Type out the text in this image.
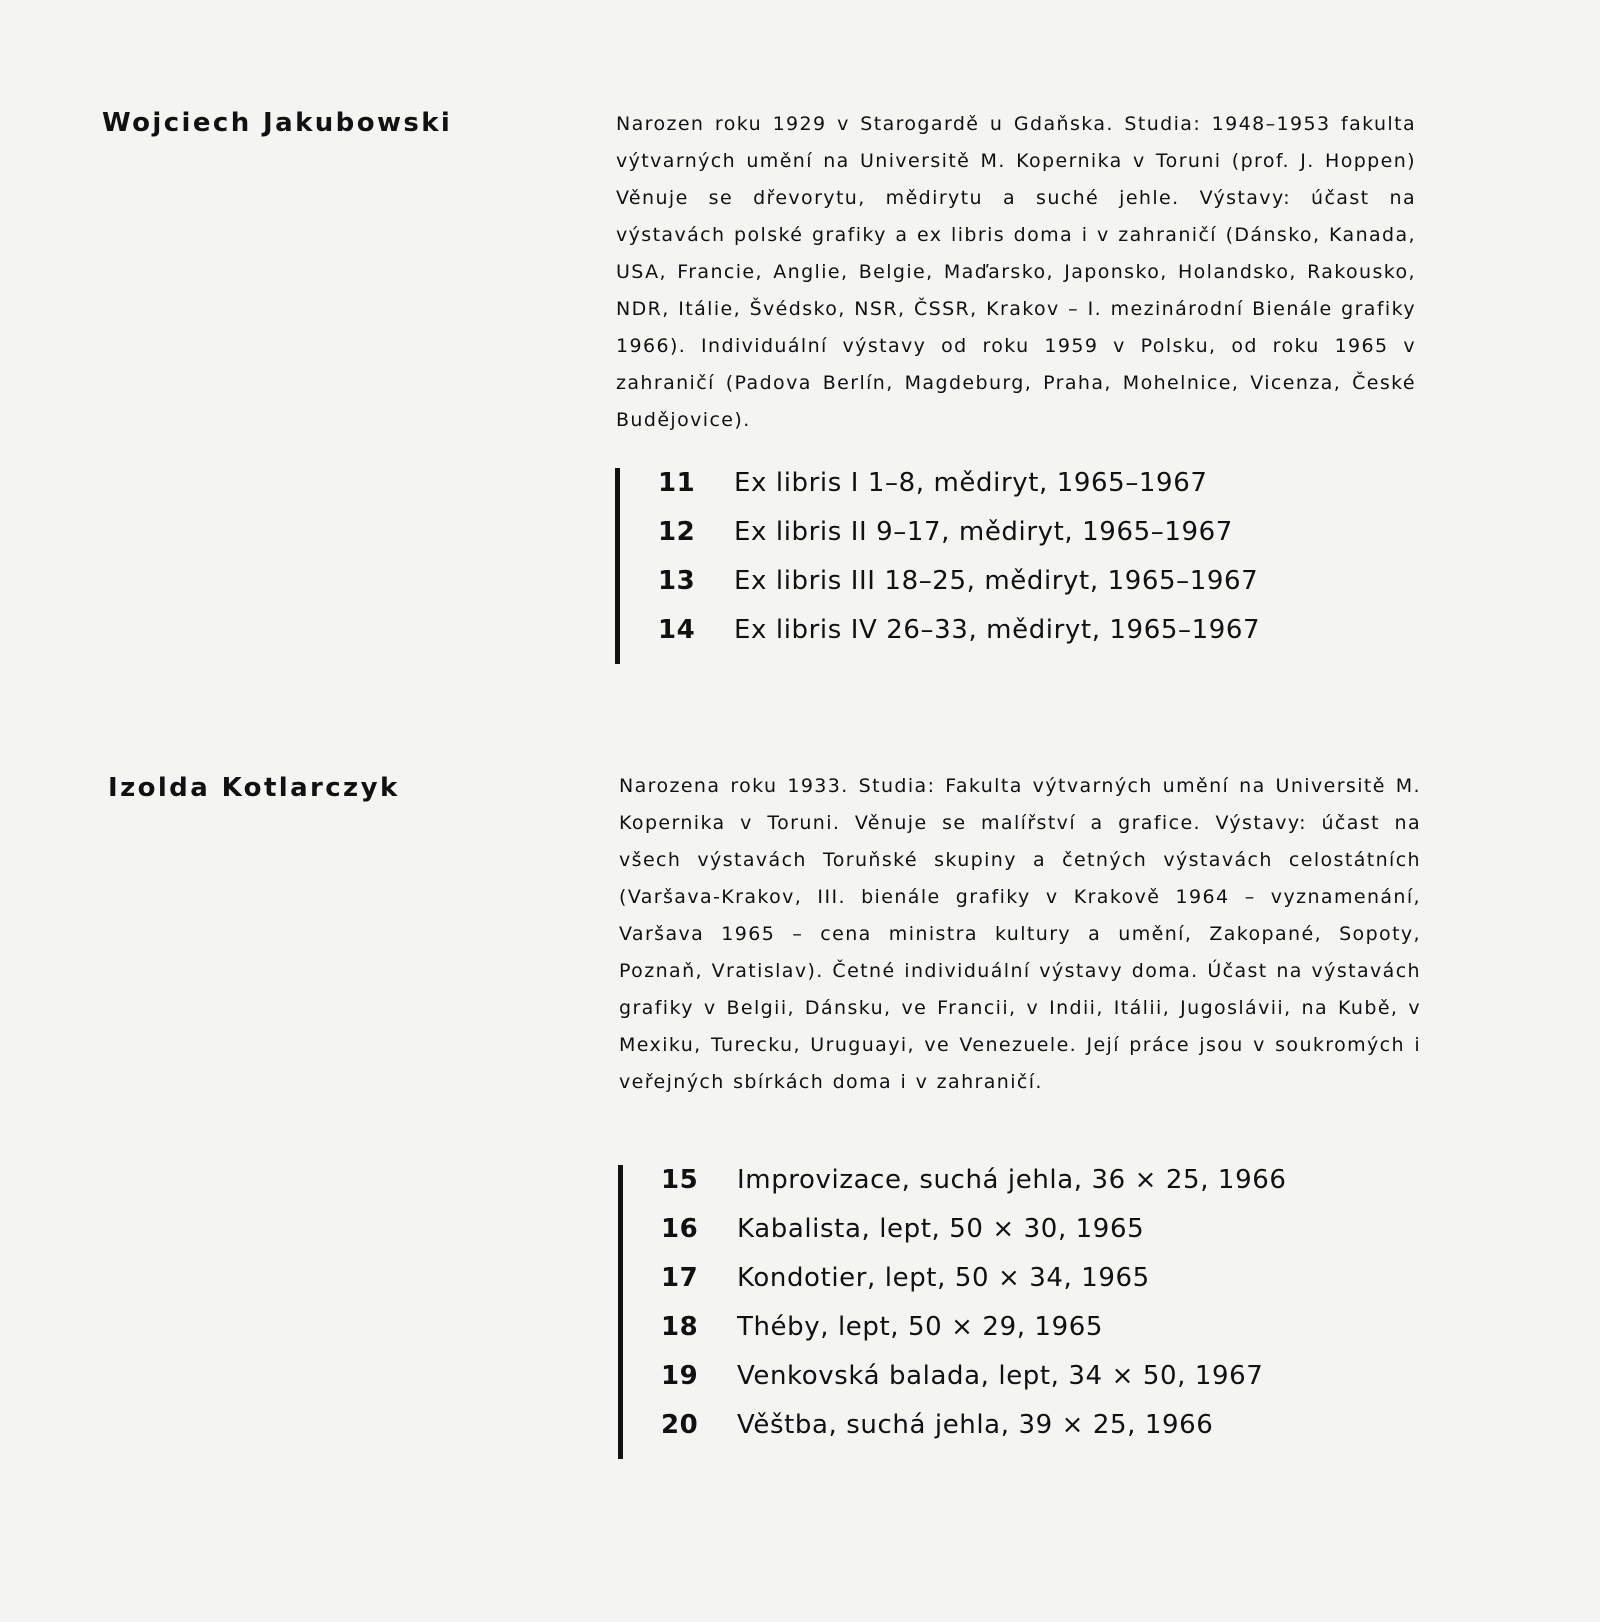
Wojciech Jakubowski	Narozen roku 1929 v Starogardě u Gdaňska. Studia: 1948–1953 fakulta výtvarných umění na Universitě M. Kopernika v Toruni (prof. J. Hoppen) Věnuje se dřevorytu, mědirytu a suché jehle. Výstavy: účast na výstavách polské grafiky a ex libris doma i v zahraničí (Dánsko, Kanada, USA, Francie, Anglie, Belgie, Maďarsko, Japonsko, Holandsko, Rakousko, NDR, Itálie, Švédsko, NSR, ČSSR, Krakov – I. mezinárodní Bienále grafiky 1966). Individuální výstavy od roku 1959 v Polsku, od roku 1965 v zahraničí (Padova Berlín, Magdeburg, Praha, Mohelnice, Vicenza, České Budějovice).

11	Ex libris I 1–8, mědiryt, 1965–1967
12	Ex libris II 9–17, mědiryt, 1965–1967
13	Ex libris III 18–25, mědiryt, 1965–1967
14	Ex libris IV 26–33, mědiryt, 1965–1967
Izolda Kotlarczyk	Narozena roku 1933. Studia: Fakulta výtvarných umění na Universitě M. Kopernika v Toruni. Věnuje se malířství a grafice. Výstavy: účast na všech výstavách Toruňské skupiny a četných výstavách celostátních (Varšava-Krakov, III. bienále grafiky v Krakově 1964 – vyznamenání, Varšava 1965 – cena ministra kultury a umění, Zakopané, Sopoty, Poznaň, Vratislav). Četné individuální výstavy doma. Účast na výstavách grafiky v Belgii, Dánsku, ve Francii, v Indii, Itálii, Jugoslávii, na Kubě, v Mexiku, Turecku, Uruguayi, ve Venezuele. Její práce jsou v soukromých i veřejných sbírkách doma i v zahraničí.

15	Improvizace, suchá jehla, 36 × 25, 1966
16	Kabalista, lept, 50 × 30, 1965
17	Kondotier, lept, 50 × 34, 1965
18	Théby, lept, 50 × 29, 1965
19	Venkovská balada, lept, 34 × 50, 1967
20	Věštba, suchá jehla, 39 × 25, 1966
